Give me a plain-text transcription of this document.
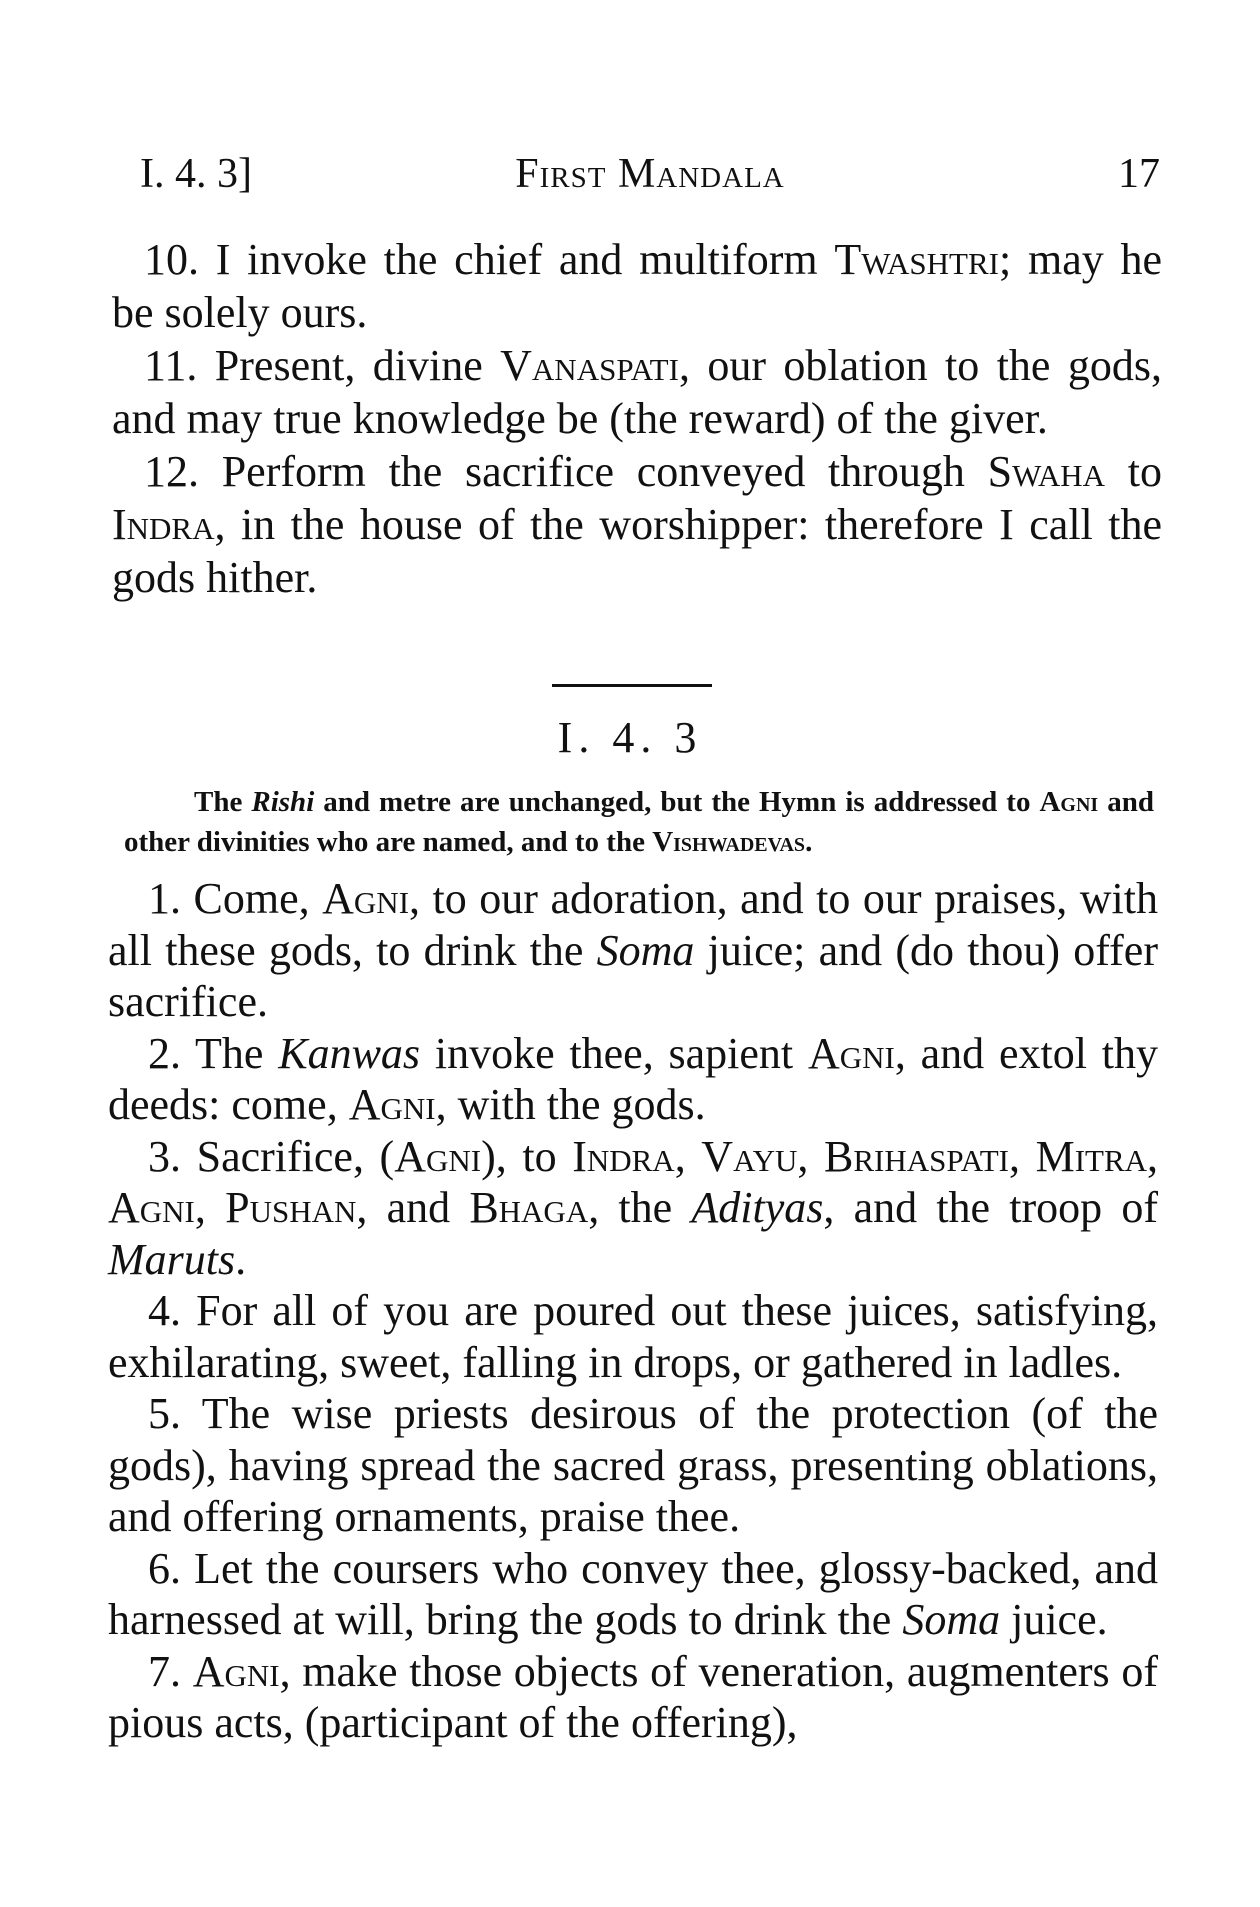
I. 4. 3]	First Mandala	17

10. I invoke the chief and multiform Twashtri; may he be solely ours.

11. Present, divine Vanaspati, our oblation to the gods, and may true knowledge be (the reward) of the giver.

12. Perform the sacrifice conveyed through Swaha to Indra, in the house of the worshipper: therefore I call the gods hither.

I. 4. 3
The Rishi and metre are unchanged, but the Hymn is addressed to Agni and other divinities who are named, and to the Vishwadevas.

1. Come, Agni, to our adoration, and to our praises, with all these gods, to drink the Soma juice; and (do thou) offer sacrifice.

2. The Kanwas invoke thee, sapient Agni, and extol thy deeds: come, Agni, with the gods.

3. Sacrifice, (Agni), to Indra, Vayu, Brihaspati, Mitra, Agni, Pushan, and Bhaga, the Adityas, and the troop of Maruts.

4. For all of you are poured out these juices, satisfying, exhilarating, sweet, falling in drops, or gathered in ladles.

5. The wise priests desirous of the protection (of the gods), having spread the sacred grass, presenting oblations, and offering ornaments, praise thee.

6. Let the coursers who convey thee, glossy-backed, and harnessed at will, bring the gods to drink the Soma juice.

7. Agni, make those objects of veneration, augmenters of pious acts, (participant of the offering),
